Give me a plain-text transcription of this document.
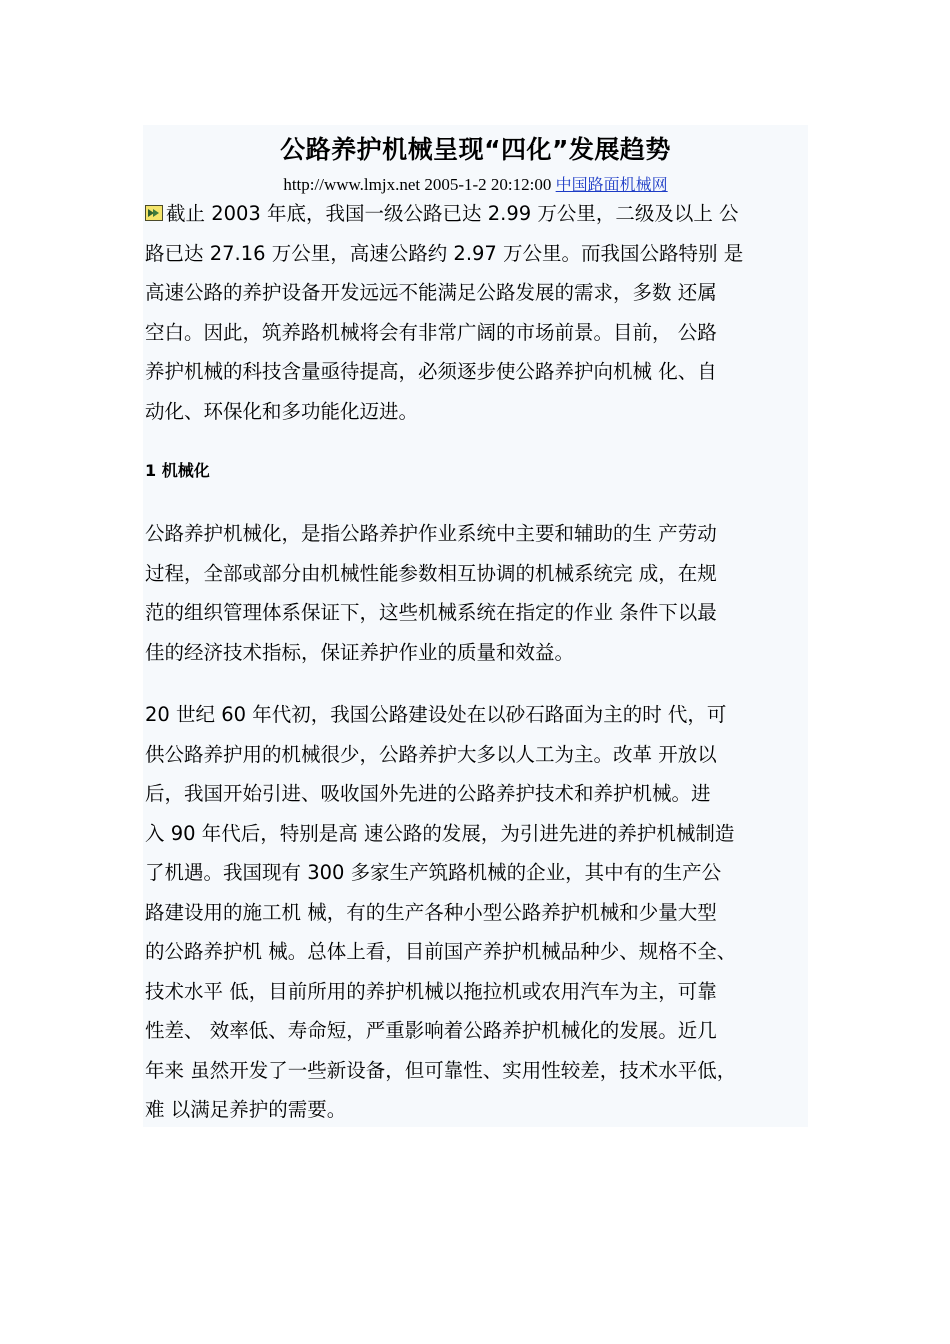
公路养护机械呈现“四化”发展趋势
http://www.lmjx.net 2005-1-2 20:12:00 中国路面机械网

截止 2003 年底，我国一级公路已达 2.99 万公里，二级及以上 公
路已达 27.16 万公里，高速公路约 2.97 万公里。而我国公路特别 是
高速公路的养护设备开发远远不能满足公路发展的需求，多数 还属
空白。因此，筑养路机械将会有非常广阔的市场前景。目前， 公路
养护机械的科技含量亟待提高，必须逐步使公路养护向机械 化、自
动化、环保化和多功能化迈进。

1 机械化

公路养护机械化，是指公路养护作业系统中主要和辅助的生 产劳动
过程，全部或部分由机械性能参数相互协调的机械系统完 成，在规
范的组织管理体系保证下，这些机械系统在指定的作业 条件下以最
佳的经济技术指标，保证养护作业的质量和效益。

20 世纪 60 年代初，我国公路建设处在以砂石路面为主的时 代，可
供公路养护用的机械很少，公路养护大多以人工为主。改革 开放以
后，我国开始引进、吸收国外先进的公路养护技术和养护机械。进
入 90 年代后，特别是高 速公路的发展，为引进先进的养护机械制造
了机遇。我国现有 300 多家生产筑路机械的企业，其中有的生产公
路建设用的施工机 械，有的生产各种小型公路养护机械和少量大型
的公路养护机 械。总体上看，目前国产养护机械品种少、规格不全、
技术水平 低，目前所用的养护机械以拖拉机或农用汽车为主，可靠
性差、 效率低、寿命短，严重影响着公路养护机械化的发展。近几
年来 虽然开发了一些新设备，但可靠性、实用性较差，技术水平低，
难 以满足养护的需要。
